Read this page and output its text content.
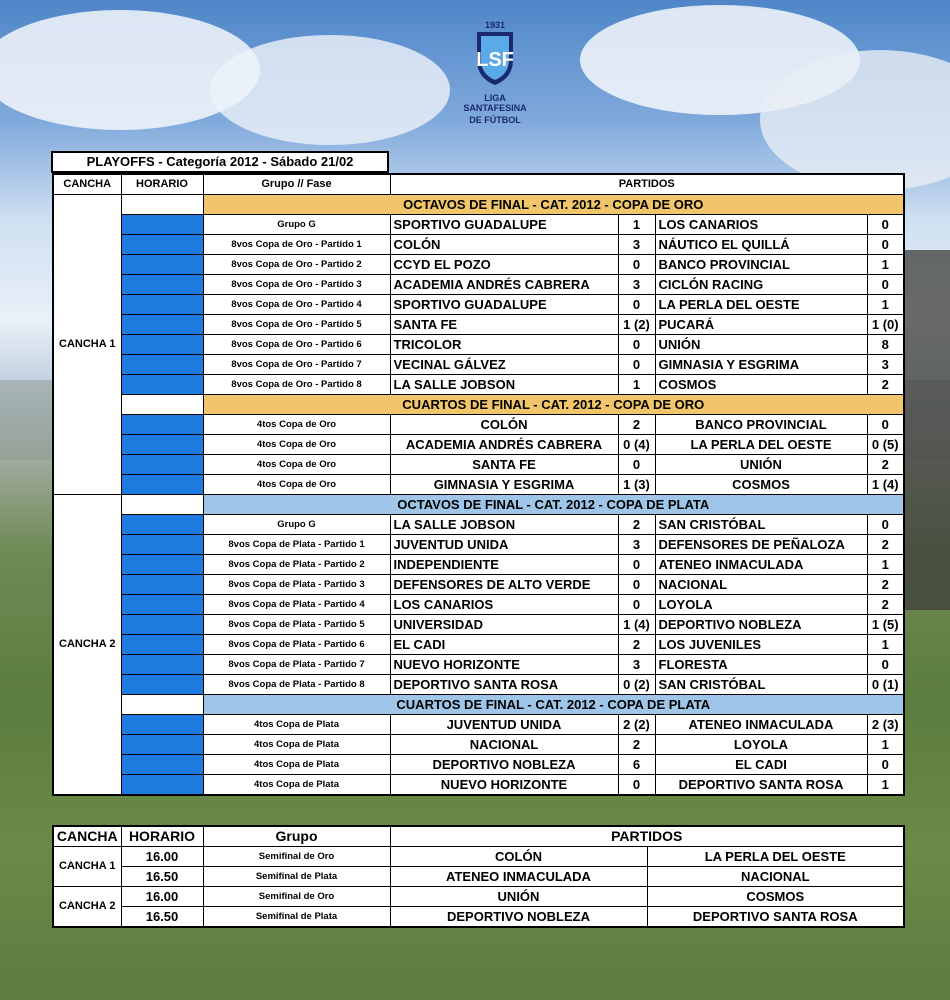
1931
LSF
LIGA SANTAFESINA
DE FÚTBOL
PLAYOFFS - Categoría 2012 - Sábado 21/02
CANCHA	HORARIO	Grupo // Fase	PARTIDOS			
CANCHA 1		OCTAVOS DE FINAL - CAT. 2012 - COPA DE ORO				
		Grupo G	SPORTIVO GUADALUPE	1	LOS CANARIOS	0
		8vos Copa de Oro - Partido 1	COLÓN	3	NÁUTICO EL QUILLÁ	0
		8vos Copa de Oro - Partido 2	CCYD EL POZO	0	BANCO PROVINCIAL	1
		8vos Copa de Oro - Partido 3	ACADEMIA ANDRÉS CABRERA	3	CICLÓN RACING	0
		8vos Copa de Oro - Partido 4	SPORTIVO GUADALUPE	0	LA PERLA DEL OESTE	1
		8vos Copa de Oro - Partido 5	SANTA FE	1 (2)	PUCARÁ	1 (0)
		8vos Copa de Oro - Partido 6	TRICOLOR	0	UNIÓN	8
		8vos Copa de Oro - Partido 7	VECINAL GÁLVEZ	0	GIMNASIA Y ESGRIMA	3
		8vos Copa de Oro - Partido 8	LA SALLE JOBSON	1	COSMOS	2
		CUARTOS DE FINAL - CAT. 2012 - COPA DE ORO				
		4tos Copa de Oro	COLÓN	2	BANCO PROVINCIAL	0
		4tos Copa de Oro	ACADEMIA ANDRÉS CABRERA	0 (4)	LA PERLA DEL OESTE	0 (5)
		4tos Copa de Oro	SANTA FE	0	UNIÓN	2
		4tos Copa de Oro	GIMNASIA Y ESGRIMA	1 (3)	COSMOS	1 (4)
CANCHA 2		OCTAVOS DE FINAL - CAT. 2012 - COPA DE PLATA				
		Grupo G	LA SALLE JOBSON	2	SAN CRISTÓBAL	0
		8vos Copa de Plata - Partido 1	JUVENTUD UNIDA	3	DEFENSORES DE PEÑALOZA	2
		8vos Copa de Plata - Partido 2	INDEPENDIENTE	0	ATENEO INMACULADA	1
		8vos Copa de Plata - Partido 3	DEFENSORES DE ALTO VERDE	0	NACIONAL	2
		8vos Copa de Plata - Partido 4	LOS CANARIOS	0	LOYOLA	2
		8vos Copa de Plata - Partido 5	UNIVERSIDAD	1 (4)	DEPORTIVO NOBLEZA	1 (5)
		8vos Copa de Plata - Partido 6	EL CADI	2	LOS JUVENILES	1
		8vos Copa de Plata - Partido 7	NUEVO HORIZONTE	3	FLORESTA	0
		8vos Copa de Plata - Partido 8	DEPORTIVO SANTA ROSA	0 (2)	SAN CRISTÓBAL	0 (1)
		CUARTOS DE FINAL - CAT. 2012 - COPA DE PLATA				
		4tos Copa de Plata	JUVENTUD UNIDA	2 (2)	ATENEO INMACULADA	2 (3)
		4tos Copa de Plata	NACIONAL	2	LOYOLA	1
		4tos Copa de Plata	DEPORTIVO NOBLEZA	6	EL CADI	0
		4tos Copa de Plata	NUEVO HORIZONTE	0	DEPORTIVO SANTA ROSA	1
CANCHA	HORARIO	Grupo	PARTIDOS	
CANCHA 1	16.00	Semifinal de Oro	COLÓN	LA PERLA DEL OESTE
	16.50	Semifinal de Plata	ATENEO INMACULADA	NACIONAL
CANCHA 2	16.00	Semifinal de Oro	UNIÓN	COSMOS
	16.50	Semifinal de Plata	DEPORTIVO NOBLEZA	DEPORTIVO SANTA ROSA
